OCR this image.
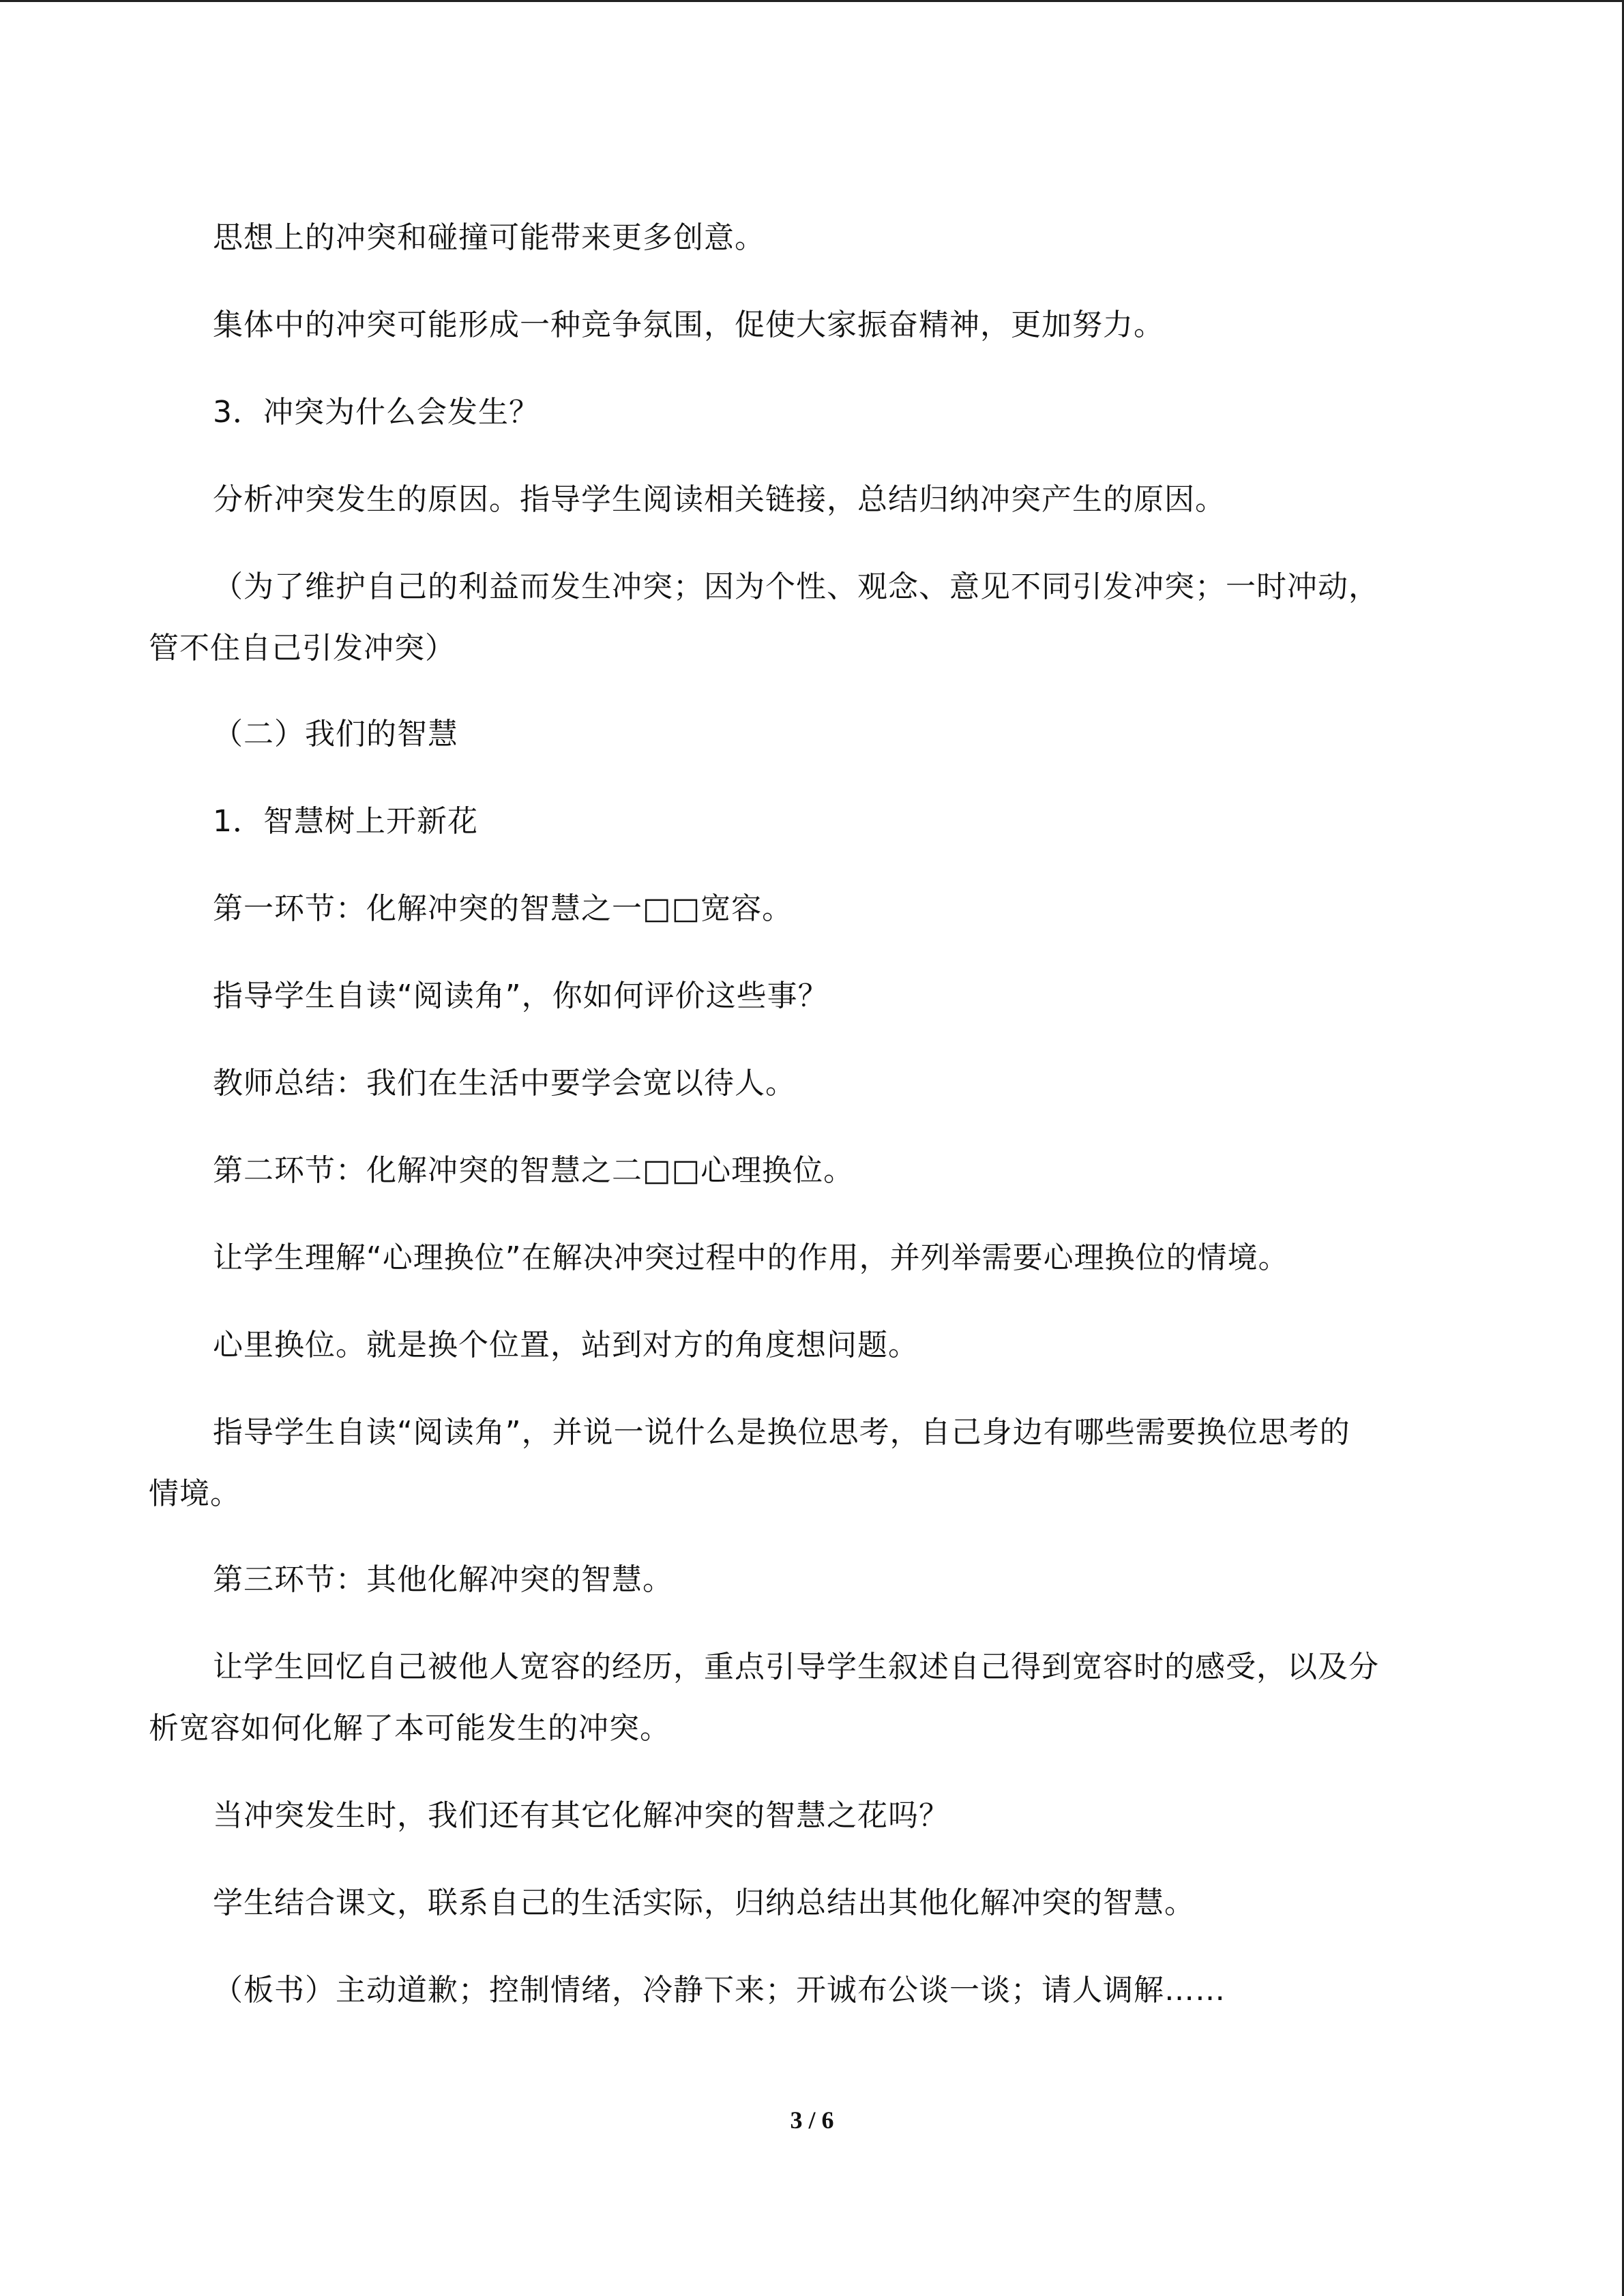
思想上的冲突和碰撞可能带来更多创意。
集体中的冲突可能形成一种竞争氛围，促使大家振奋精神，更加努力。
3．冲突为什么会发生？
分析冲突发生的原因。指导学生阅读相关链接，总结归纳冲突产生的原因。
（为了维护自己的利益而发生冲突；因为个性、观念、意见不同引发冲突；一时冲动，
管不住自己引发冲突）
（二）我们的智慧
1．智慧树上开新花
第一环节：化解冲突的智慧之一□□宽容。
指导学生自读“阅读角”，你如何评价这些事？
教师总结：我们在生活中要学会宽以待人。
第二环节：化解冲突的智慧之二□□心理换位。
让学生理解“心理换位”在解决冲突过程中的作用，并列举需要心理换位的情境。
心里换位。就是换个位置，站到对方的角度想问题。
指导学生自读“阅读角”，并说一说什么是换位思考，自己身边有哪些需要换位思考的
情境。
第三环节：其他化解冲突的智慧。
让学生回忆自己被他人宽容的经历，重点引导学生叙述自己得到宽容时的感受，以及分
析宽容如何化解了本可能发生的冲突。
当冲突发生时，我们还有其它化解冲突的智慧之花吗？
学生结合课文，联系自己的生活实际，归纳总结出其他化解冲突的智慧。
（板书）主动道歉；控制情绪，冷静下来；开诚布公谈一谈；请人调解……
3 / 6
